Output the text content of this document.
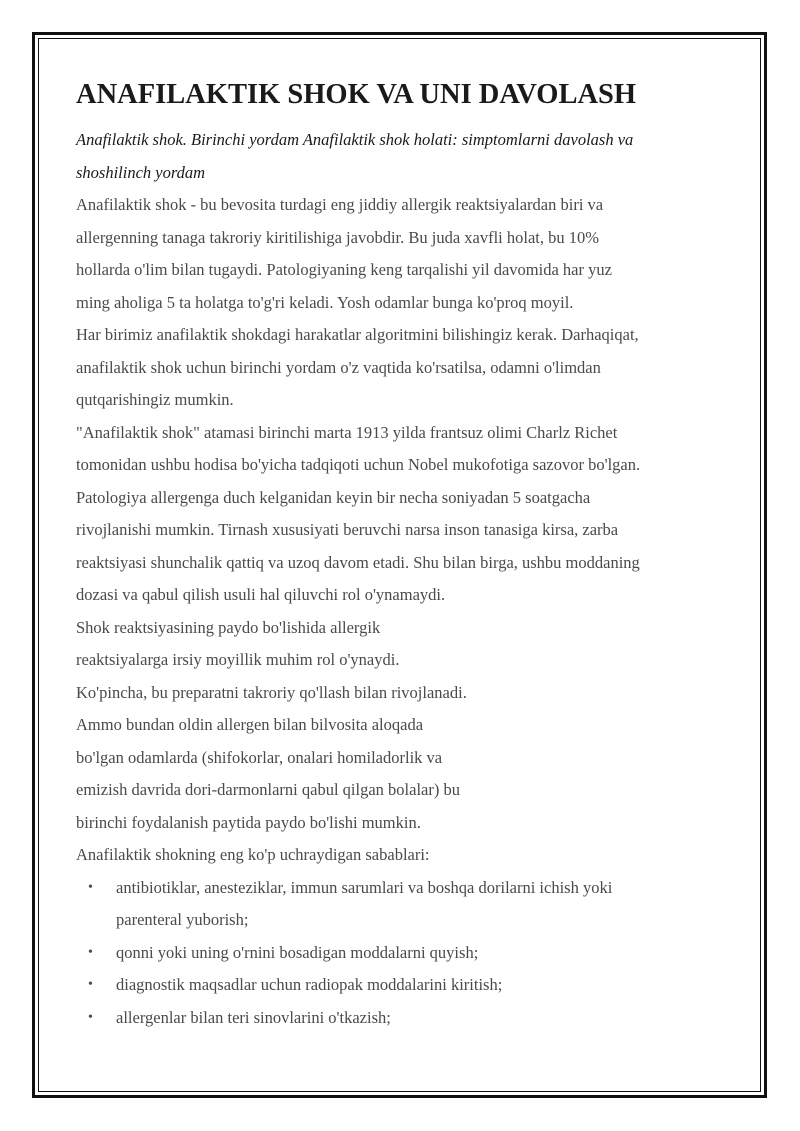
ANAFILAKTIK SHOK VA UNI DAVOLASH

Anafilaktik shok. Birinchi yordam Anafilaktik shok holati: simptomlarni davolash va
shoshilinch yordam

Anafilaktik shok - bu bevosita turdagi eng jiddiy allergik reaktsiyalardan biri va
allergenning tanaga takroriy kiritilishiga javobdir. Bu juda xavfli holat, bu 10%
hollarda o'lim bilan tugaydi. Patologiyaning keng tarqalishi yil davomida har yuz
ming aholiga 5 ta holatga to'g'ri keladi. Yosh odamlar bunga ko'proq moyil.
Har birimiz anafilaktik shokdagi harakatlar algoritmini bilishingiz kerak. Darhaqiqat,
anafilaktik shok uchun birinchi yordam o'z vaqtida ko'rsatilsa, odamni o'limdan
qutqarishingiz mumkin.
"Anafilaktik shok" atamasi birinchi marta 1913 yilda frantsuz olimi Charlz Richet
tomonidan ushbu hodisa bo'yicha tadqiqoti uchun Nobel mukofotiga sazovor bo'lgan.
Patologiya allergenga duch kelganidan keyin bir necha soniyadan 5 soatgacha
rivojlanishi mumkin. Tirnash xususiyati beruvchi narsa inson tanasiga kirsa, zarba
reaktsiyasi shunchalik qattiq va uzoq davom etadi. Shu bilan birga, ushbu moddaning
dozasi va qabul qilish usuli hal qiluvchi rol o'ynamaydi.
Shok reaktsiyasining paydo bo'lishida allergik
reaktsiyalarga irsiy moyillik muhim rol o'ynaydi.
Ko'pincha, bu preparatni takroriy qo'llash bilan rivojlanadi.
Ammo bundan oldin allergen bilan bilvosita aloqada
bo'lgan odamlarda (shifokorlar, onalari homiladorlik va
emizish davrida dori-darmonlarni qabul qilgan bolalar) bu
birinchi foydalanish paytida paydo bo'lishi mumkin.
Anafilaktik shokning eng ko'p uchraydigan sabablari:
• antibiotiklar, anesteziklar, immun sarumlari va boshqa dorilarni ichish yoki
parenteral yuborish;
• qonni yoki uning o'rnini bosadigan moddalarni quyish;
• diagnostik maqsadlar uchun radiopak moddalarini kiritish;
• allergenlar bilan teri sinovlarini o'tkazish;
